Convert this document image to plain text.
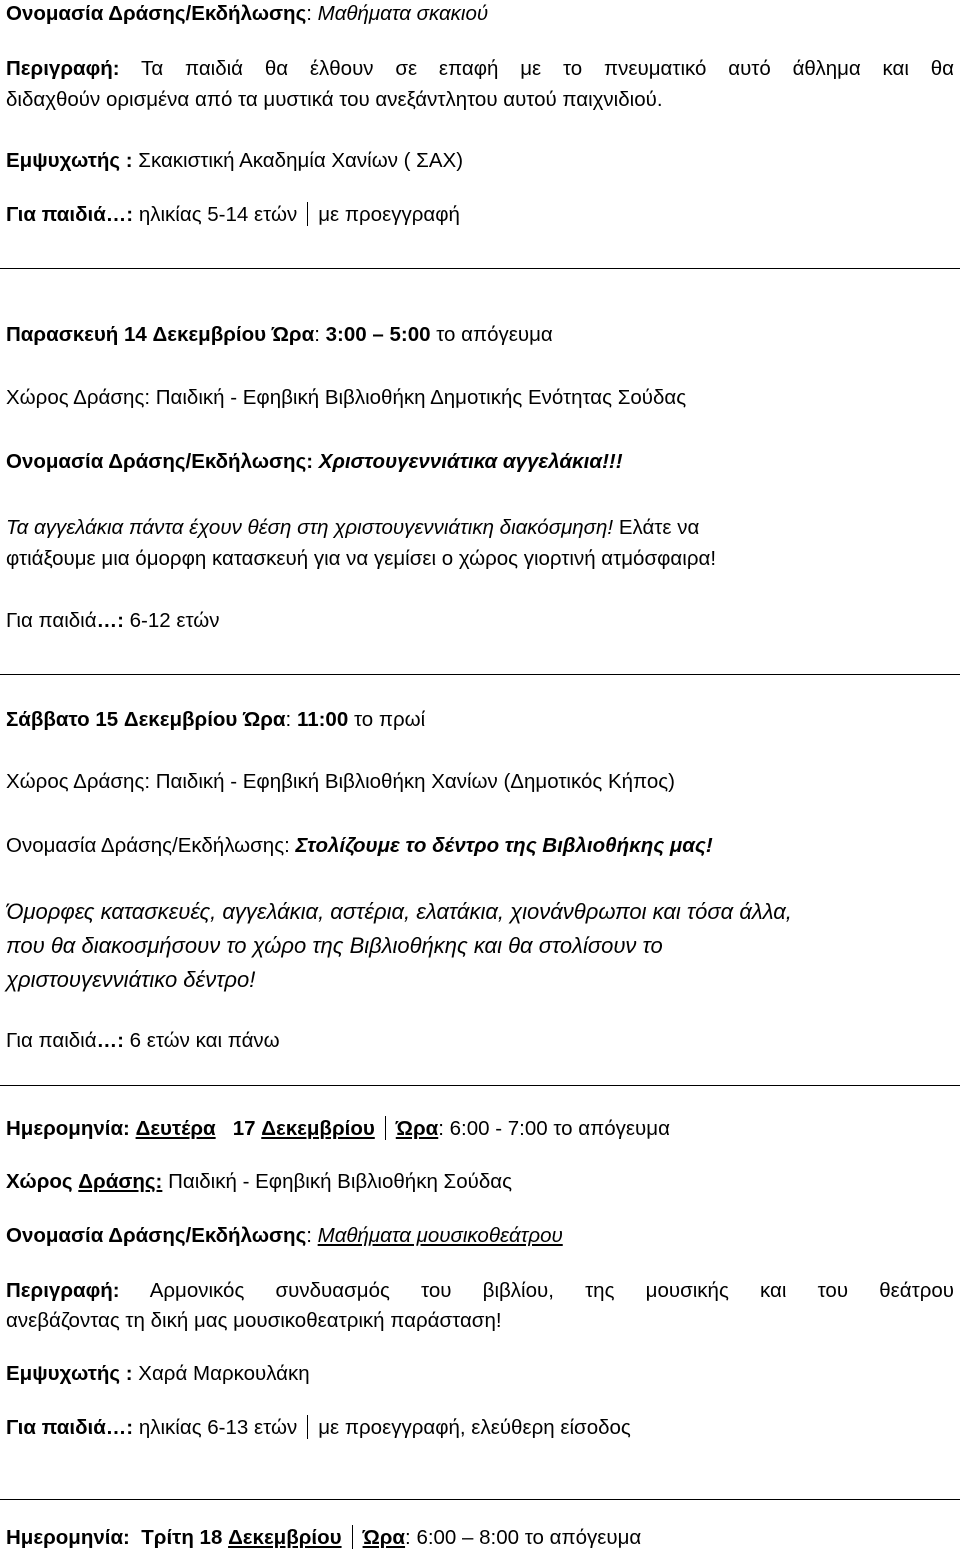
Ονομασία Δράσης/Εκδήλωσης: Μαθήματα σκακιού
Περιγραφή: Τα παιδιά θα έλθουν σε επαφή με το πνευματικό αυτό άθλημα και θα
διδαχθούν ορισμένα από τα μυστικά του ανεξάντλητου αυτού παιχνιδιού.
Εμψυχωτής : Σκακιστική Ακαδημία Χανίων ( ΣΑΧ)
Για παιδιά…: ηλικίας 5-14 ετών με προεγγραφή
Παρασκευή 14 Δεκεμβρίου Ώρα: 3:00 – 5:00 το απόγευμα
Χώρος Δράσης: Παιδική - Εφηβική Βιβλιοθήκη Δημοτικής Ενότητας Σούδας
Ονομασία Δράσης/Εκδήλωσης: Χριστουγεννιάτικα αγγελάκια!!!
Τα αγγελάκια πάντα έχουν θέση στη χριστουγεννιάτικη διακόσμηση! Ελάτε να
φτιάξουμε μια όμορφη κατασκευή για να γεμίσει ο χώρος γιορτινή ατμόσφαιρα!
Για παιδιά…: 6-12 ετών
Σάββατο 15 Δεκεμβρίου Ώρα: 11:00 το πρωί
Χώρος Δράσης: Παιδική - Εφηβική Βιβλιοθήκη Χανίων (Δημοτικός Κήπος)
Ονομασία Δράσης/Εκδήλωσης: Στολίζουμε το δέντρο της Βιβλιοθήκης μας!
Όμορφες κατασκευές, αγγελάκια, αστέρια, ελατάκια, χιονάνθρωποι και τόσα άλλα,
που θα διακοσμήσουν το χώρο της Βιβλιοθήκης και θα στολίσουν το
χριστουγεννιάτικο δέντρο!
Για παιδιά…: 6 ετών και πάνω
Ημερομηνία: Δευτέρα 17 Δεκεμβρίου Ώρα: 6:00 - 7:00 το απόγευμα
Χώρος Δράσης: Παιδική - Εφηβική Βιβλιοθήκη Σούδας
Ονομασία Δράσης/Εκδήλωσης: Μαθήματα μουσικοθεάτρου
Περιγραφή: Αρμονικός συνδυασμός του βιβλίου, της μουσικής και του θεάτρου
ανεβάζοντας τη δική μας μουσικοθεατρική παράσταση!
Εμψυχωτής : Χαρά Μαρκουλάκη
Για παιδιά…: ηλικίας 6-13 ετών με προεγγραφή, ελεύθερη είσοδος
Ημερομηνία: Τρίτη 18 Δεκεμβρίου Ώρα: 6:00 – 8:00 το απόγευμα
